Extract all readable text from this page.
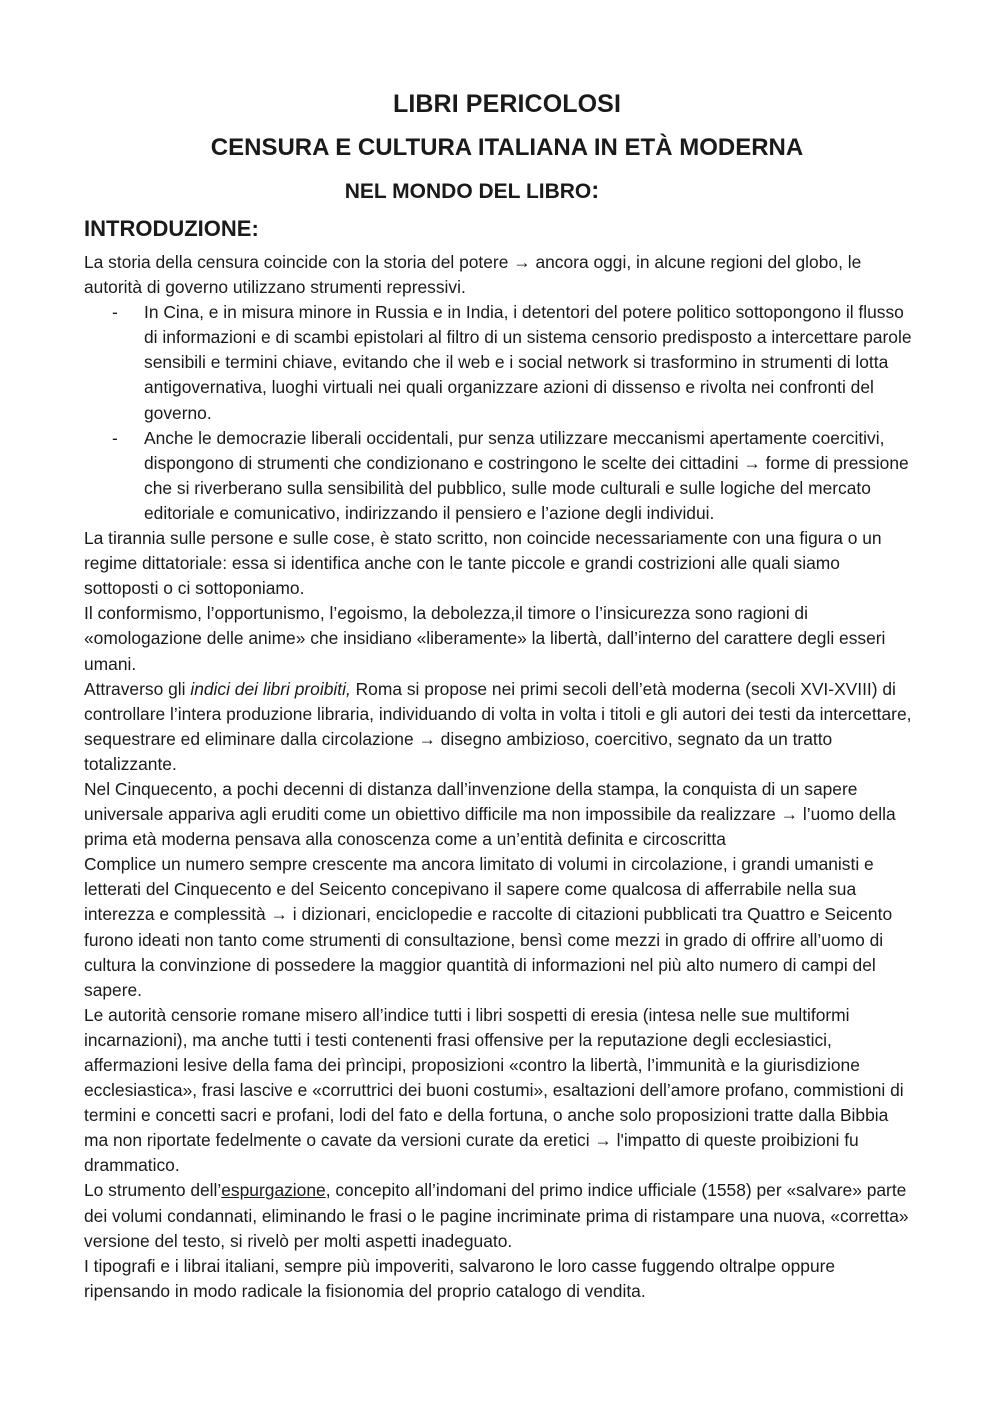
LIBRI PERICOLOSI
CENSURA E CULTURA ITALIANA IN ETÀ MODERNA
NEL MONDO DEL LIBRO:
INTRODUZIONE:

La storia della censura coincide con la storia del potere → ancora oggi, in alcune regioni del globo, le autorità di governo utilizzano strumenti repressivi.

- In Cina, e in misura minore in Russia e in India, i detentori del potere politico sottopongono il flusso di informazioni e di scambi epistolari al filtro di un sistema censorio predisposto a intercettare parole sensibili e termini chiave, evitando che il web e i social network si trasformino in strumenti di lotta antigovernativa, luoghi virtuali nei quali organizzare azioni di dissenso e rivolta nei confronti del governo.
- Anche le democrazie liberali occidentali, pur senza utilizzare meccanismi apertamente coercitivi, dispongono di strumenti che condizionano e costringono le scelte dei cittadini → forme di pressione che si riverberano sulla sensibilità del pubblico, sulle mode culturali e sulle logiche del mercato editoriale e comunicativo, indirizzando il pensiero e l’azione degli individui.

La tirannia sulle persone e sulle cose, è stato scritto, non coincide necessariamente con una figura o un regime dittatoriale: essa si identifica anche con le tante piccole e grandi costrizioni alle quali siamo sottoposti o ci sottoponiamo.

Il conformismo, l’opportunismo, l’egoismo, la debolezza,il timore o l’insicurezza sono ragioni di «omologazione delle anime» che insidiano «liberamente» la libertà, dall’interno del carattere degli esseri umani.

Attraverso gli indici dei libri proibiti, Roma si propose nei primi secoli dell’età moderna (secoli XVI-XVIII) di controllare l’intera produzione libraria, individuando di volta in volta i titoli e gli autori dei testi da intercettare, sequestrare ed eliminare dalla circolazione → disegno ambizioso, coercitivo, segnato da un tratto totalizzante.

Nel Cinquecento, a pochi decenni di distanza dall’invenzione della stampa, la conquista di un sapere universale appariva agli eruditi come un obiettivo difficile ma non impossibile da realizzare → l’uomo della prima età moderna pensava alla conoscenza come a un’entità definita e circoscritta

Complice un numero sempre crescente ma ancora limitato di volumi in circolazione, i grandi umanisti e letterati del Cinquecento e del Seicento concepivano il sapere come qualcosa di afferrabile nella sua interezza e complessità → i dizionari, enciclopedie e raccolte di citazioni pubblicati tra Quattro e Seicento furono ideati non tanto come strumenti di consultazione, bensì come mezzi in grado di offrire all’uomo di cultura la convinzione di possedere la maggior quantità di informazioni nel più alto numero di campi del sapere.

Le autorità censorie romane misero all’indice tutti i libri sospetti di eresia (intesa nelle sue multiformi incarnazioni), ma anche tutti i testi contenenti frasi offensive per la reputazione degli ecclesiastici, affermazioni lesive della fama dei prìncipi, proposizioni «contro la libertà, l’immunità e la giurisdizione ecclesiastica», frasi lascive e «corruttrici dei buoni costumi», esaltazioni dell’amore profano, commistioni di termini e concetti sacri e profani, lodi del fato e della fortuna, o anche solo proposizioni tratte dalla Bibbia ma non riportate fedelmente o cavate da versioni curate da eretici → l'impatto di queste proibizioni fu drammatico.

Lo strumento dell’espurgazione, concepito all’indomani del primo indice ufficiale (1558) per «salvare» parte dei volumi condannati, eliminando le frasi o le pagine incriminate prima di ristampare una nuova, «corretta» versione del testo, si rivelò per molti aspetti inadeguato.

I tipografi e i librai italiani, sempre più impoveriti, salvarono le loro casse fuggendo oltralpe oppure ripensando in modo radicale la fisionomia del proprio catalogo di vendita.
